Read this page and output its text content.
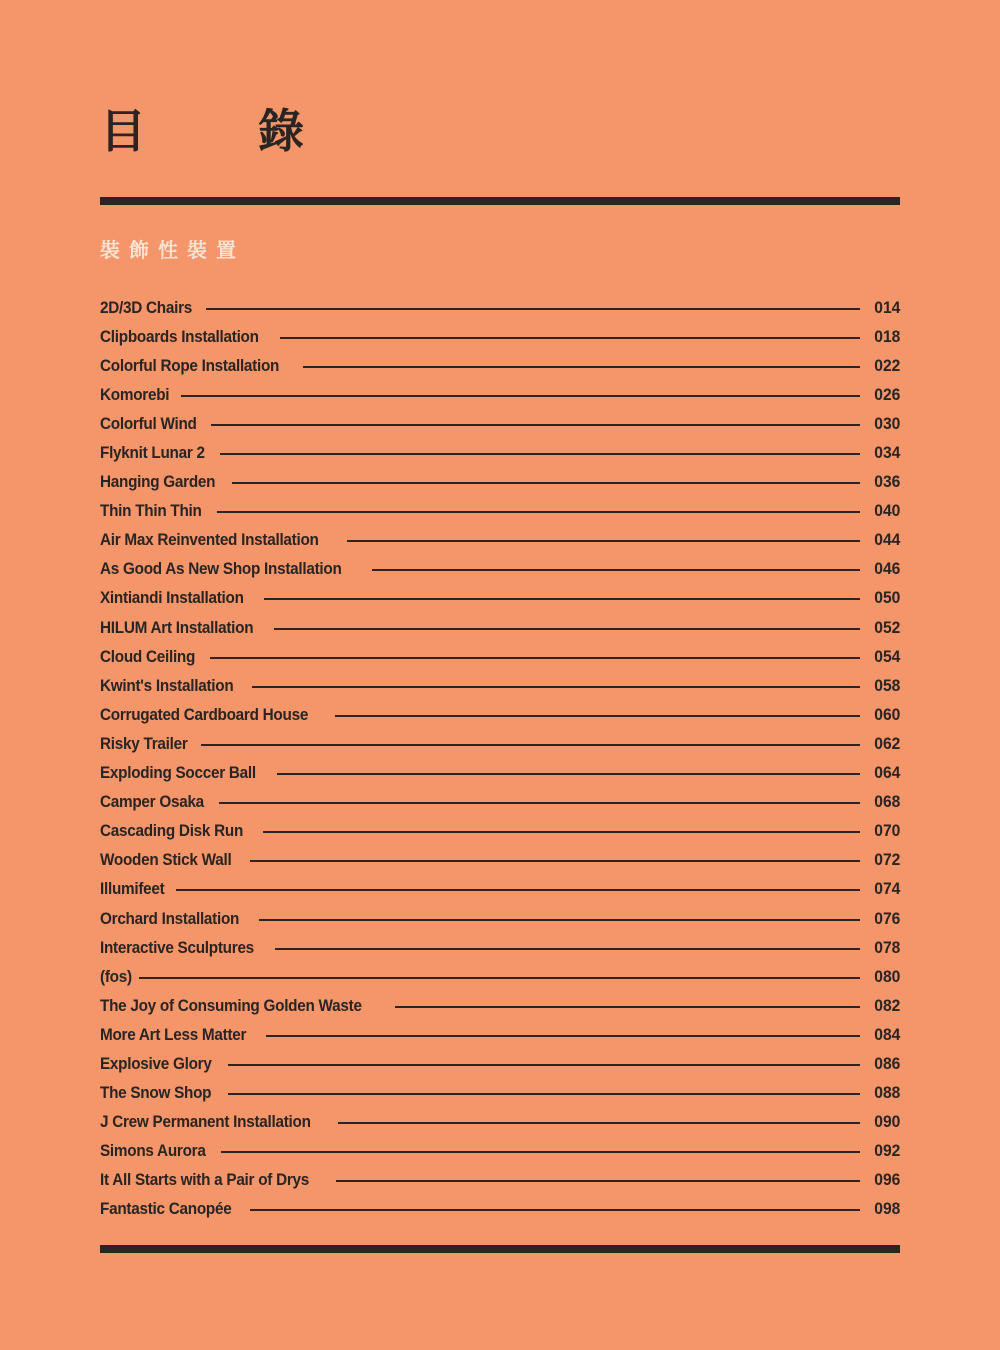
目 錄
裝飾性裝置
2D/3D Chairs	014
Clipboards Installation	018
Colorful Rope Installation	022
Komorebi	026
Colorful Wind	030
Flyknit Lunar 2	034
Hanging Garden	036
Thin Thin Thin	040
Air Max Reinvented Installation	044
As Good As New Shop Installation	046
Xintiandi Installation	050
HILUM Art Installation	052
Cloud Ceiling	054
Kwint's Installation	058
Corrugated Cardboard House	060
Risky Trailer	062
Exploding Soccer Ball	064
Camper Osaka	068
Cascading Disk Run	070
Wooden Stick Wall	072
Illumifeet	074
Orchard Installation	076
Interactive Sculptures	078
(fos)	080
The Joy of Consuming Golden Waste	082
More Art Less Matter	084
Explosive Glory	086
The Snow Shop	088
J Crew Permanent Installation	090
Simons Aurora	092
It All Starts with a Pair of Drys	096
Fantastic Canopée	098
